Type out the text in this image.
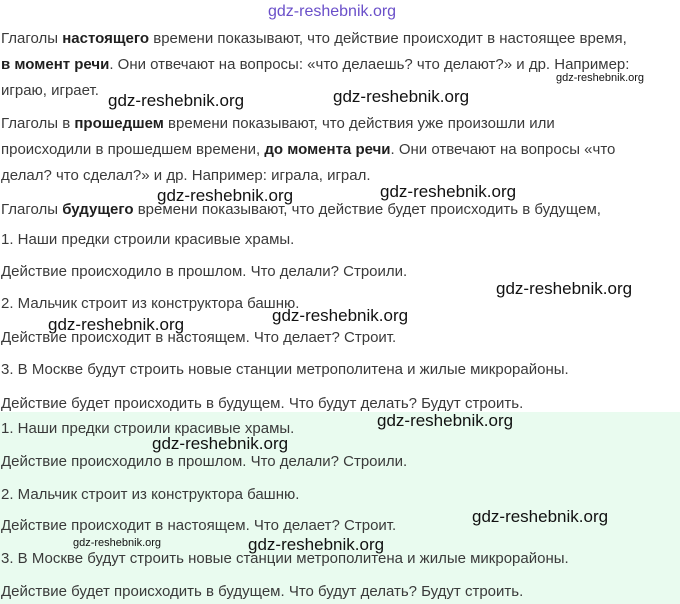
Глаголы настоящего времени показывают, что действие происходит в настоящее время,
в момент речи. Они отвечают на вопросы: «что делаешь? что делают?» и др. Например:
играю, играет.
Глаголы в прошедшем времени показывают, что действия уже произошли или
происходили в прошедшем времени, до момента речи. Они отвечают на вопросы «что
делал? что сделал?» и др. Например: играла, играл.
Глаголы будущего времени показывают, что действие будет происходить в будущем,
1. Наши предки строили красивые храмы.
Действие происходило в прошлом. Что делали? Строили.
2. Мальчик строит из конструктора башню.
Действие происходит в настоящем. Что делает? Строит.
3. В Москве будут строить новые станции метрополитена и жилые микрорайоны.
Действие будет происходить в будущем. Что будут делать? Будут строить.
1. Наши предки строили красивые храмы.
Действие происходило в прошлом. Что делали? Строили.
2. Мальчик строит из конструктора башню.
Действие происходит в настоящем. Что делает? Строит.
3. В Москве будут строить новые станции метрополитена и жилые микрорайоны.
Действие будет происходить в будущем. Что будут делать? Будут строить.
gdz-reshebnik.org
gdz-reshebnik.org
gdz-reshebnik.org	gdz-reshebnik.org
gdz-reshebnik.org	gdz-reshebnik.org
gdz-reshebnik.org
gdz-reshebnik.org
gdz-reshebnik.org
gdz-reshebnik.org
gdz-reshebnik.org
gdz-reshebnik.org
gdz-reshebnik.org	gdz-reshebnik.org
